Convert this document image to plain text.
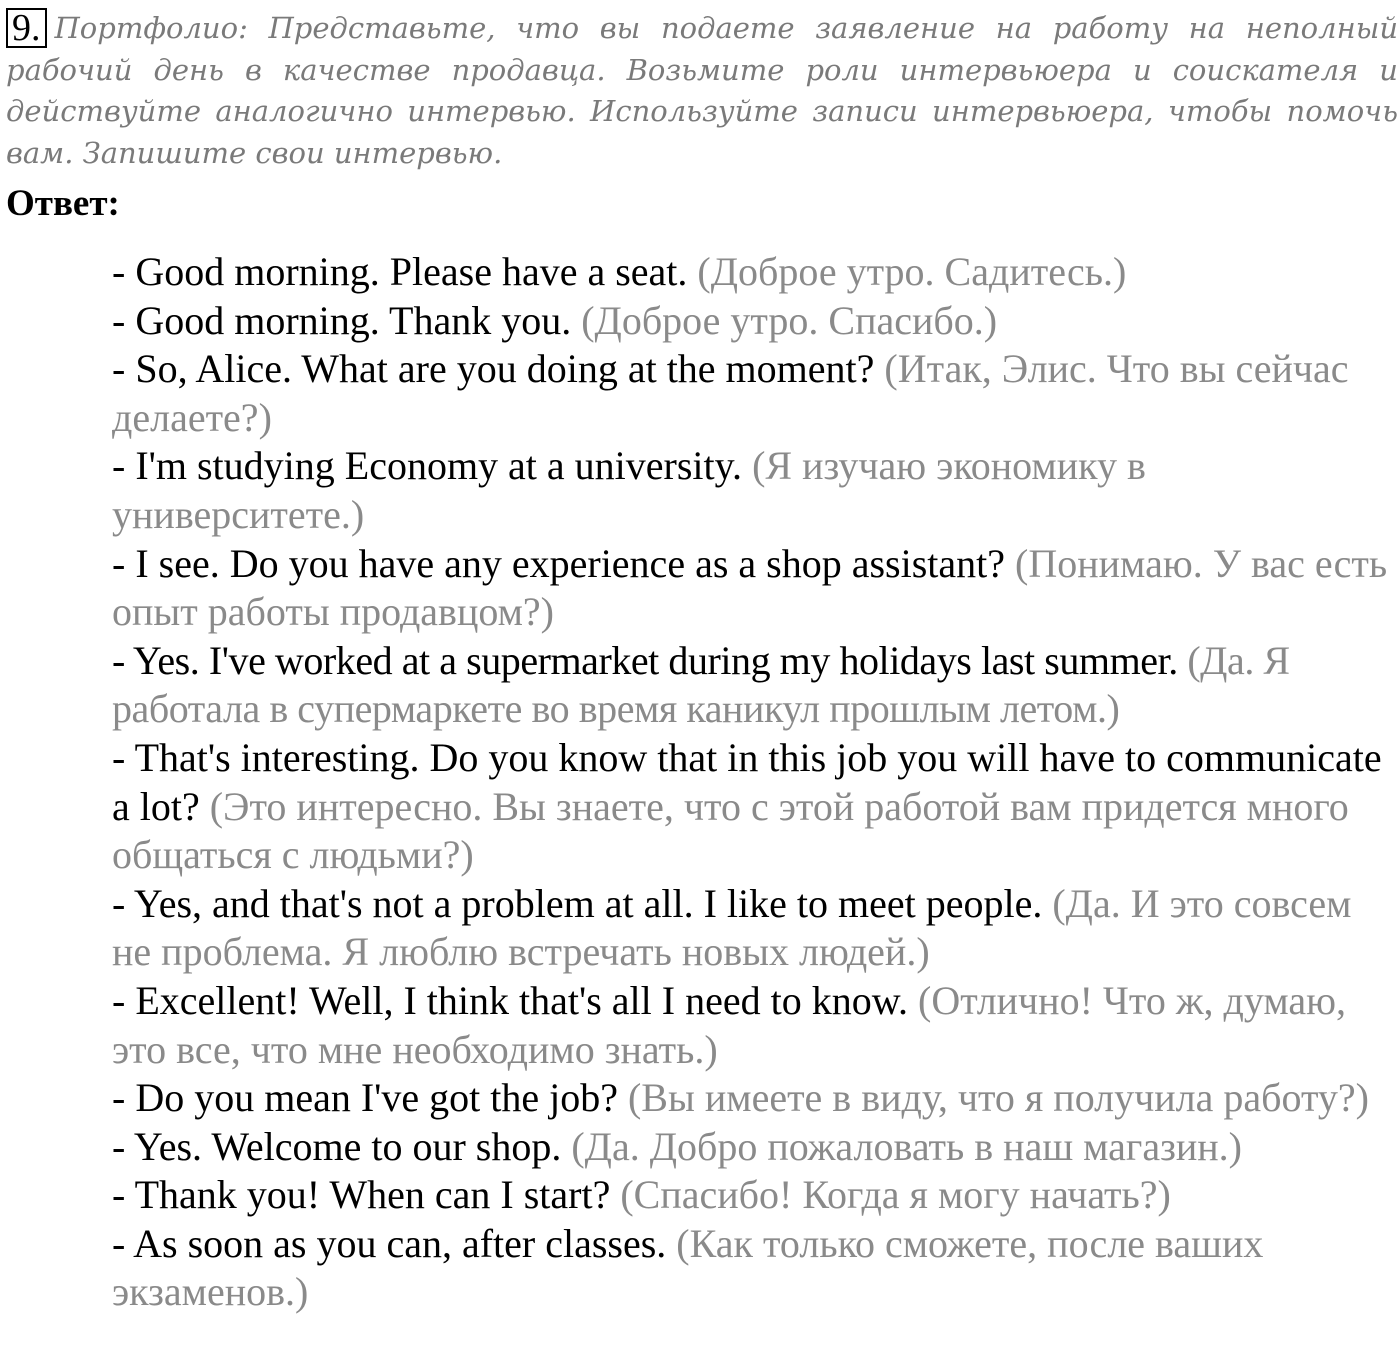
9. Портфолио: Представьте, что вы подаете заявление на работу на неполный рабочий день в качестве продавца. Возьмите роли интервьюера и соискателя и действуйте аналогично интервью. Используйте записи интервьюера, чтобы помочь вам. Запишите свои интервью.
Ответ:

- Good morning. Please have a seat. (Доброе утро. Садитесь.)

- Good morning. Thank you. (Доброе утро. Спасибо.)

- So, Alice. What are you doing at the moment? (Итак, Элис. Что вы сейчас делаете?)

- I'm studying Economy at a university. (Я изучаю экономику в университете.)

- I see. Do you have any experience as a shop assistant? (Понимаю. У вас есть опыт работы продавцом?)

- Yes. I've worked at a supermarket during my holidays last summer. (Да. Я работала в супермаркете во время каникул прошлым летом.)

- That's interesting. Do you know that in this job you will have to communicate a lot? (Это интересно. Вы знаете, что с этой работой вам придется много общаться с людьми?)

- Yes, and that's not a problem at all. I like to meet people. (Да. И это совсем не проблема. Я люблю встречать новых людей.)

- Excellent! Well, I think that's all I need to know. (Отлично! Что ж, думаю, это все, что мне необходимо знать.)

- Do you mean I've got the job? (Вы имеете в виду, что я получила работу?)

- Yes. Welcome to our shop. (Да. Добро пожаловать в наш магазин.)

- Thank you! When can I start? (Спасибо! Когда я могу начать?)

- As soon as you can, after classes. (Как только сможете, после ваших экзаменов.)
